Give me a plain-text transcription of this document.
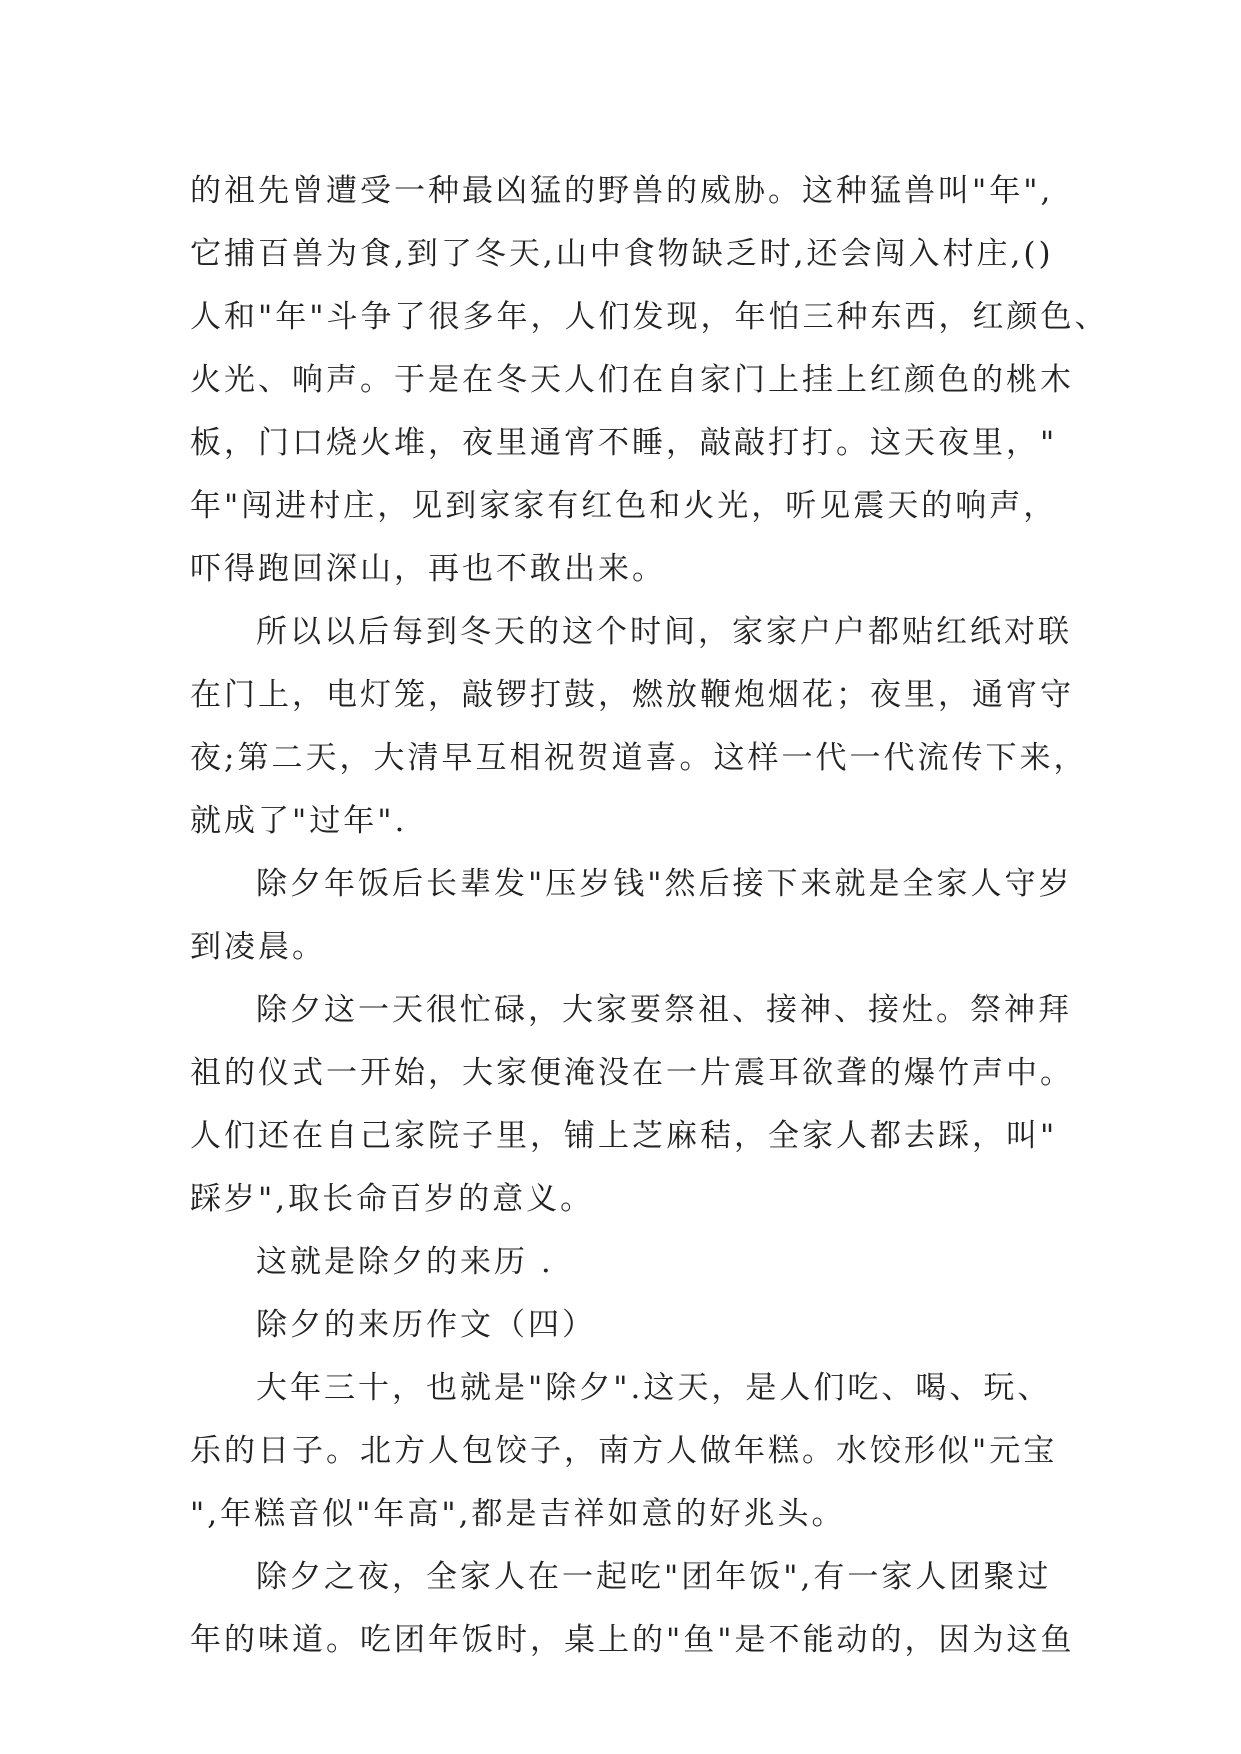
的祖先曾遭受一种最凶猛的野兽的威胁。这种猛兽叫"年",
它捕百兽为食,到了冬天,山中食物缺乏时,还会闯入村庄,()
人和"年"斗争了很多年，人们发现，年怕三种东西，红颜色、
火光、响声。于是在冬天人们在自家门上挂上红颜色的桃木
板，门口烧火堆，夜里通宵不睡，敲敲打打。这天夜里，"
年"闯进村庄，见到家家有红色和火光，听见震天的响声，
吓得跑回深山，再也不敢出来。
所以以后每到冬天的这个时间，家家户户都贴红纸对联
在门上，电灯笼，敲锣打鼓，燃放鞭炮烟花；夜里，通宵守
夜;第二天，大清早互相祝贺道喜。这样一代一代流传下来，
就成了"过年".
除夕年饭后长辈发"压岁钱"然后接下来就是全家人守岁
到凌晨。
除夕这一天很忙碌，大家要祭祖、接神、接灶。祭神拜
祖的仪式一开始，大家便淹没在一片震耳欲聋的爆竹声中。
人们还在自己家院子里，铺上芝麻秸，全家人都去踩，叫"
踩岁",取长命百岁的意义。
这就是除夕的来历 .
除夕的来历作文（四）
大年三十，也就是"除夕".这天，是人们吃、喝、玩、
乐的日子。北方人包饺子，南方人做年糕。水饺形似"元宝
",年糕音似"年高",都是吉祥如意的好兆头。
除夕之夜，全家人在一起吃"团年饭",有一家人团聚过
年的味道。吃团年饭时，桌上的"鱼"是不能动的，因为这鱼
